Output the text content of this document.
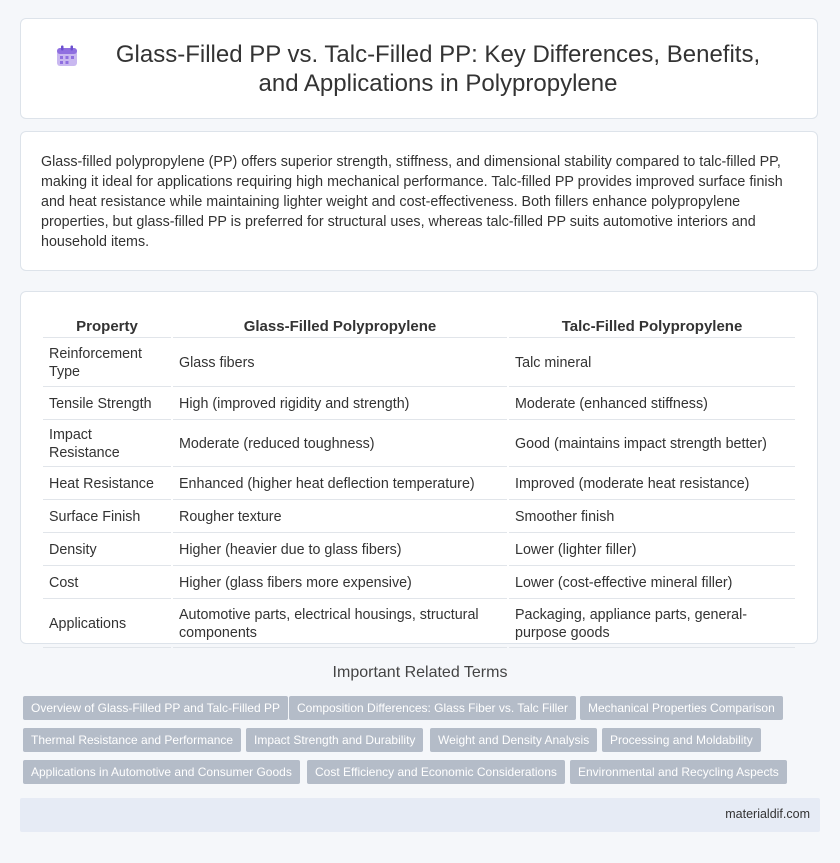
Glass-Filled PP vs. Talc-Filled PP: Key Differences, Benefits, and Applications in Polypropylene
Glass-filled polypropylene (PP) offers superior strength, stiffness, and dimensional stability compared to talc-filled PP, making it ideal for applications requiring high mechanical performance. Talc-filled PP provides improved surface finish and heat resistance while maintaining lighter weight and cost-effectiveness. Both fillers enhance polypropylene properties, but glass-filled PP is preferred for structural uses, whereas talc-filled PP suits automotive interiors and household items.
Property	Glass-Filled Polypropylene	Talc-Filled Polypropylene
Reinforcement Type	Glass fibers	Talc mineral
Tensile Strength	High (improved rigidity and strength)	Moderate (enhanced stiffness)
Impact Resistance	Moderate (reduced toughness)	Good (maintains impact strength better)
Heat Resistance	Enhanced (higher heat deflection temperature)	Improved (moderate heat resistance)
Surface Finish	Rougher texture	Smoother finish
Density	Higher (heavier due to glass fibers)	Lower (lighter filler)
Cost	Higher (glass fibers more expensive)	Lower (cost-effective mineral filler)
Applications	Automotive parts, electrical housings, structural components	Packaging, appliance parts, general-purpose goods
Important Related Terms
Overview of Glass-Filled PP and Talc-Filled PP	Composition Differences: Glass Fiber vs. Talc Filler	Mechanical Properties Comparison
Thermal Resistance and Performance	Impact Strength and Durability	Weight and Density Analysis	Processing and Moldability
Applications in Automotive and Consumer Goods	Cost Efficiency and Economic Considerations	Environmental and Recycling Aspects
materialdif.com
